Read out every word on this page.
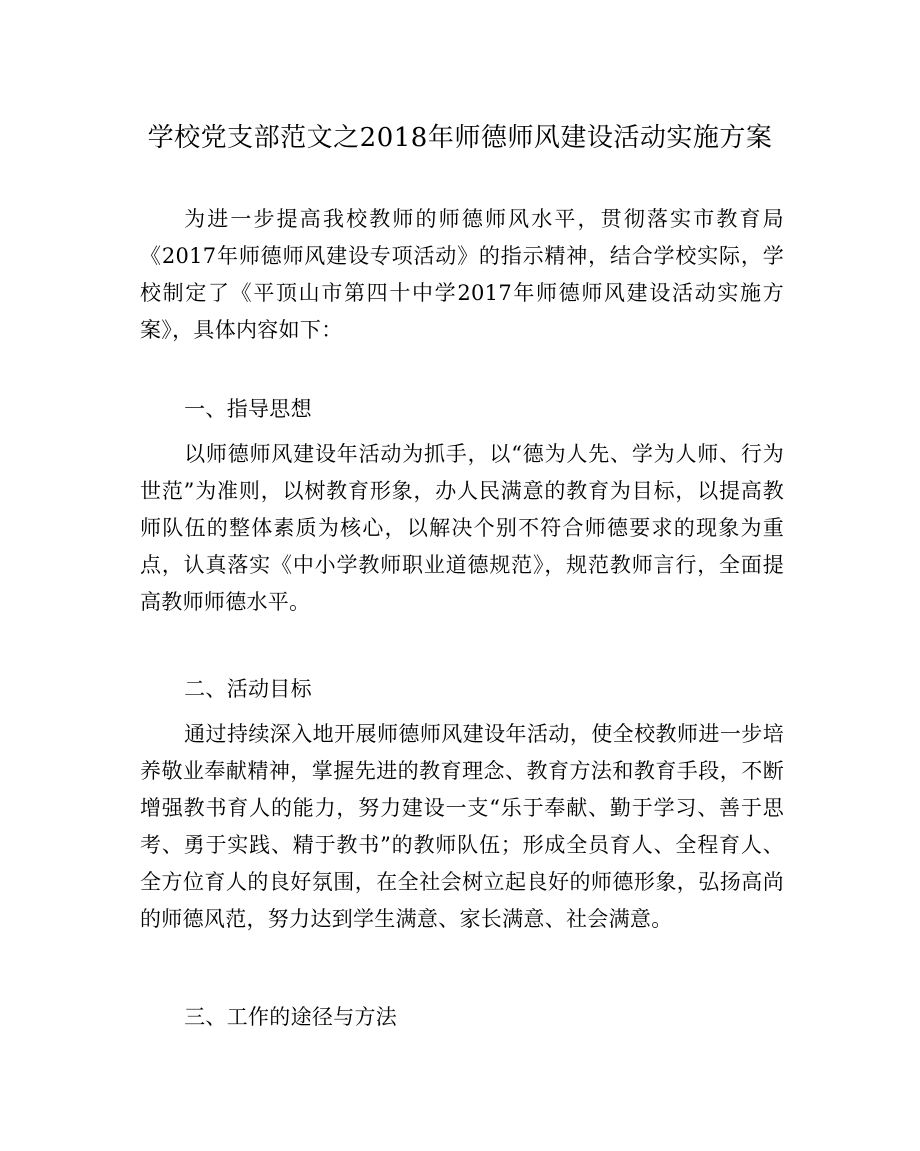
学校党支部范文之2018年师德师风建设活动实施方案

为进一步提高我校教师的师德师风水平，贯彻落实市教育局《2017年师德师风建设专项活动》的指示精神，结合学校实际，学校制定了《平顶山市第四十中学2017年师德师风建设活动实施方案》，具体内容如下：

一、指导思想

以师德师风建设年活动为抓手，以“德为人先、学为人师、行为世范”为准则，以树教育形象，办人民满意的教育为目标，以提高教师队伍的整体素质为核心，以解决个别不符合师德要求的现象为重点，认真落实《中小学教师职业道德规范》，规范教师言行，全面提高教师师德水平。

二、活动目标

通过持续深入地开展师德师风建设年活动，使全校教师进一步培养敬业奉献精神，掌握先进的教育理念、教育方法和教育手段，不断增强教书育人的能力，努力建设一支“乐于奉献、勤于学习、善于思考、勇于实践、精于教书”的教师队伍；形成全员育人、全程育人、全方位育人的良好氛围，在全社会树立起良好的师德形象，弘扬高尚的师德风范，努力达到学生满意、家长满意、社会满意。

三、工作的途径与方法
